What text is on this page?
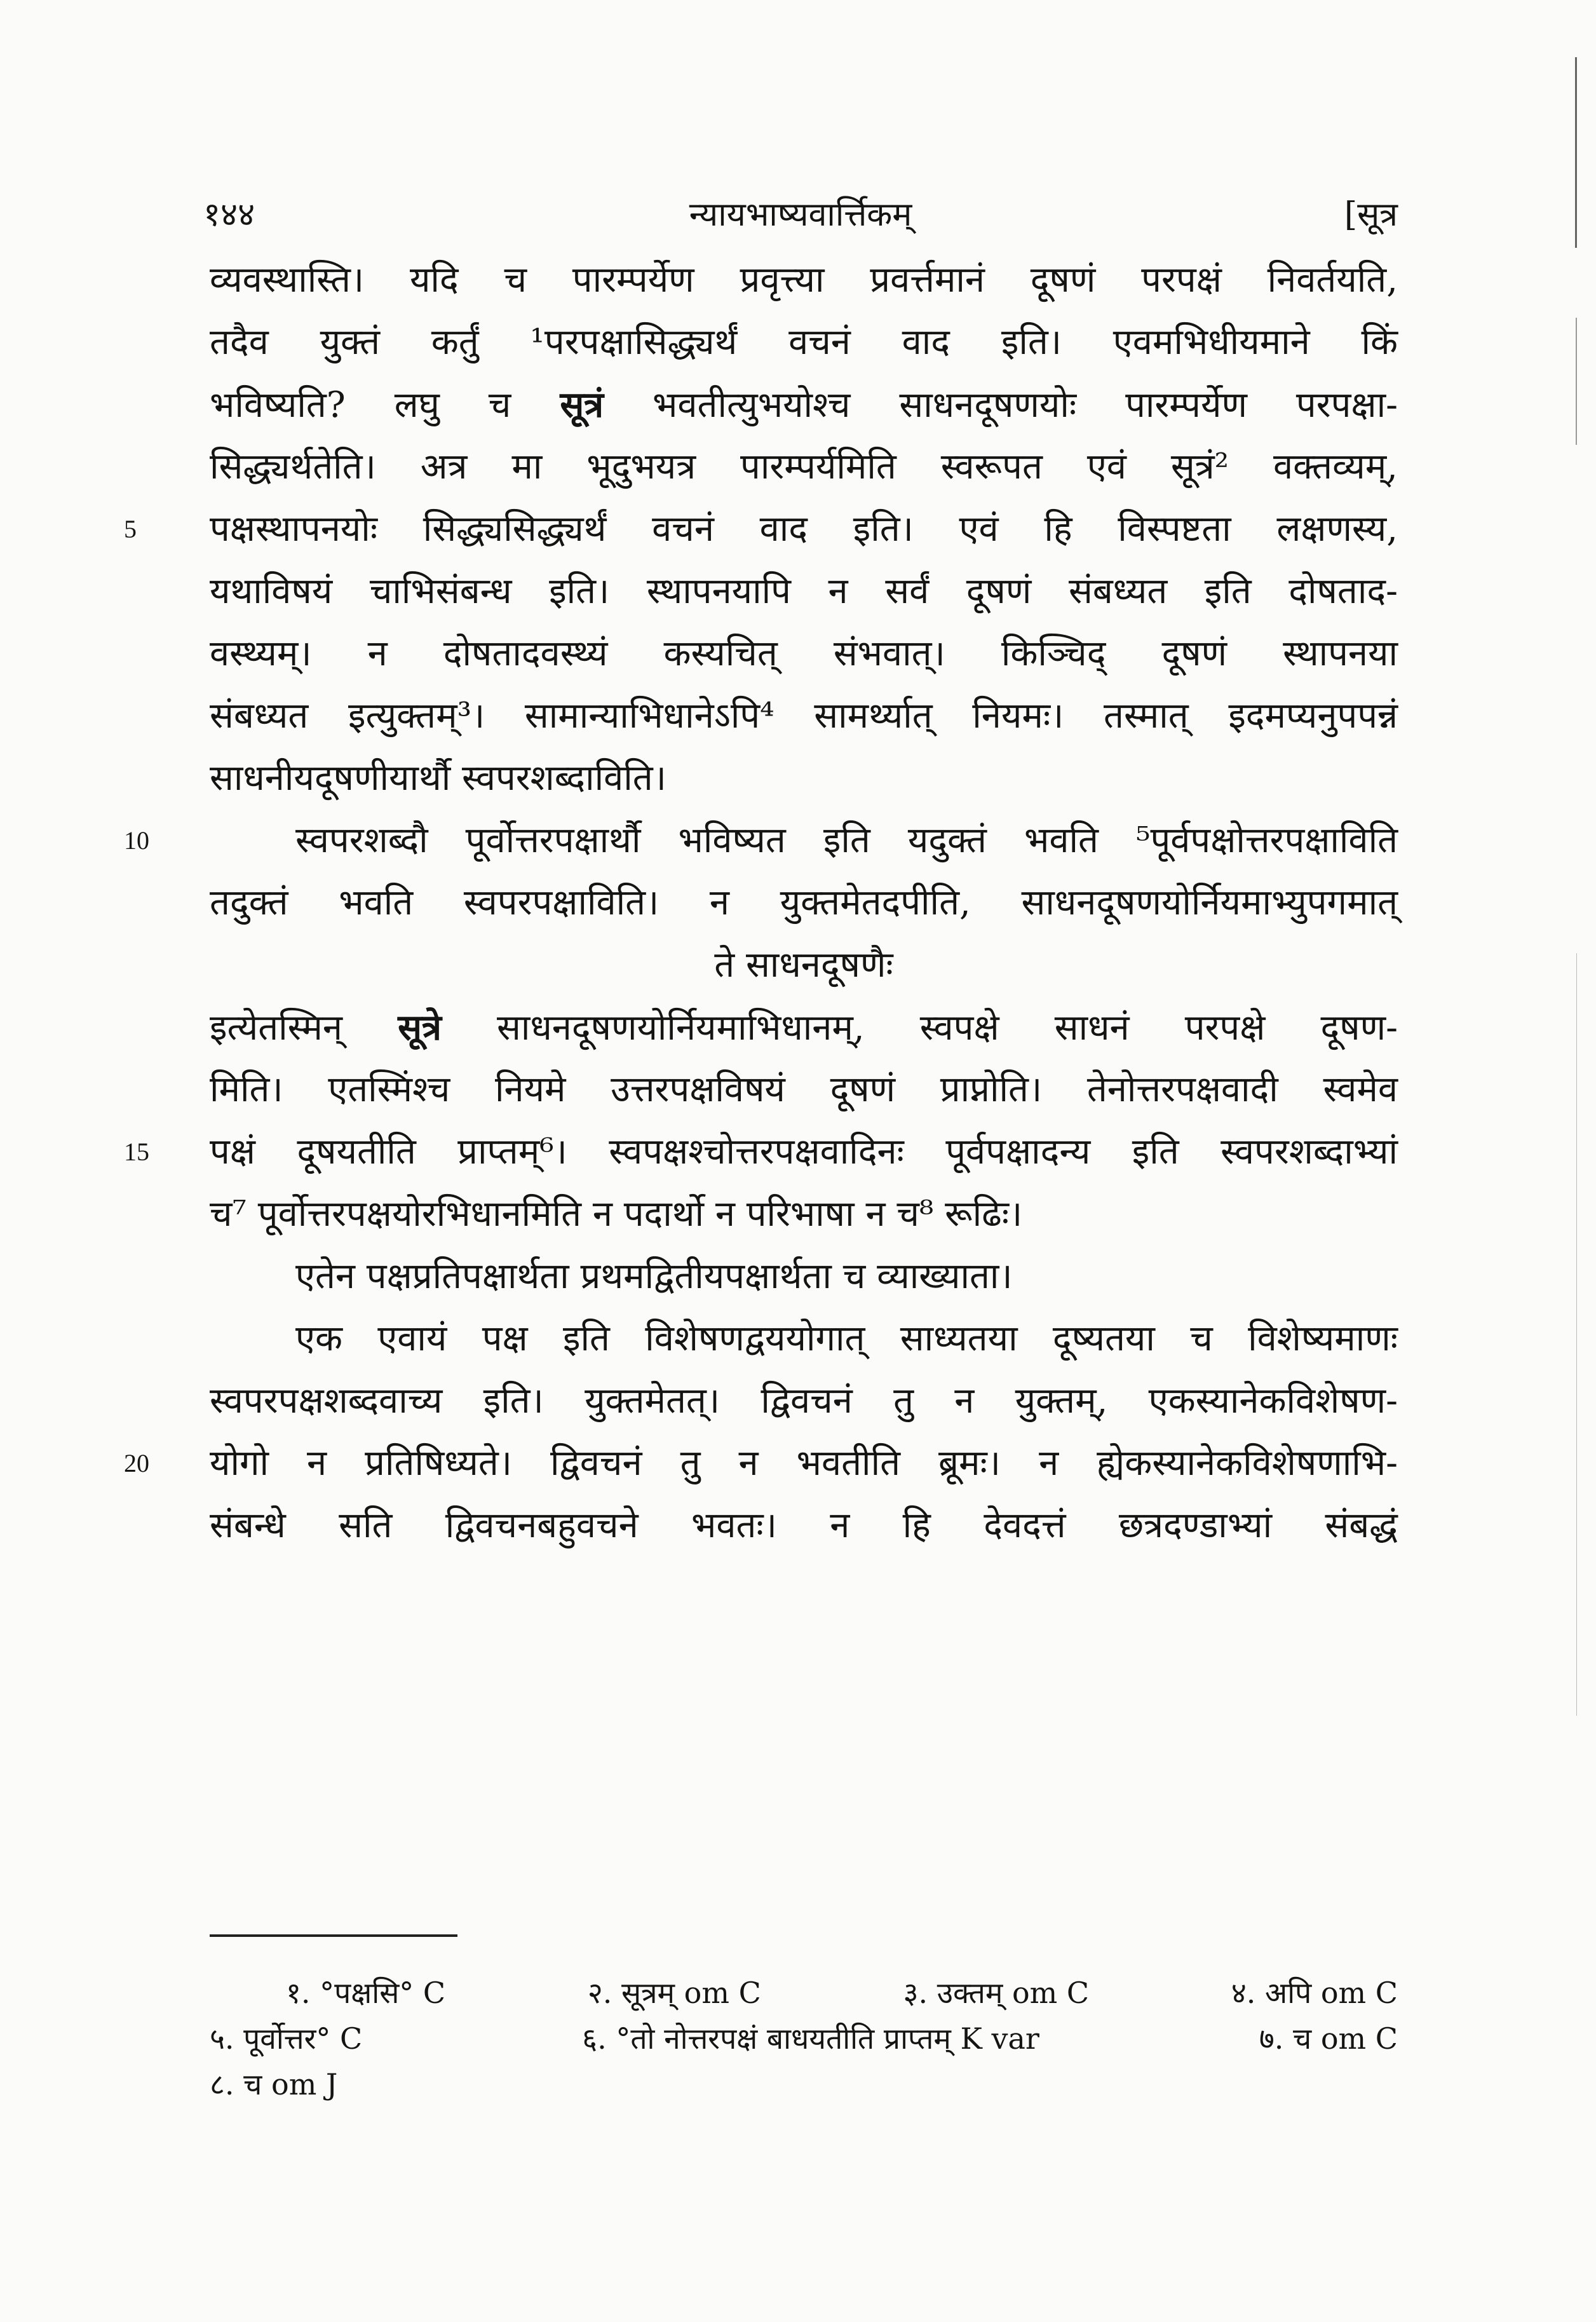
१४४	न्यायभाष्यवार्त्तिकम्	[सूत्र
व्यवस्थास्ति। यदि च पारम्पर्येण प्रवृत्त्या प्रवर्त्तमानं दूषणं परपक्षं निवर्तयति,
तदैव युक्तं कर्तुं ¹परपक्षासिद्ध्यर्थं वचनं वाद इति। एवमभिधीयमाने किं
भविष्यति? लघु च सूत्रं भवतीत्युभयोश्च साधनदूषणयोः पारम्पर्येण परपक्षा-
सिद्ध्यर्थतेति। अत्र मा भूदुभयत्र पारम्पर्यमिति स्वरूपत एवं सूत्रं² वक्तव्यम्,
5 पक्षस्थापनयोः सिद्ध्यसिद्ध्यर्थं वचनं वाद इति। एवं हि विस्पष्टता लक्षणस्य,
यथाविषयं चाभिसंबन्ध इति। स्थापनयापि न सर्वं दूषणं संबध्यत इति दोषताद-
वस्थ्यम्। न दोषतादवस्थ्यं कस्यचित् संभवात्। किञ्चिद् दूषणं स्थापनया
संबध्यत इत्युक्तम्³। सामान्याभिधानेऽपि⁴ सामर्थ्यात् नियमः। तस्मात् इदमप्यनुपपन्नं
साधनीयदूषणीयार्थौ स्वपरशब्दाविति।
10	स्वपरशब्दौ पूर्वोत्तरपक्षार्थौ भविष्यत इति यदुक्तं भवति ⁵पूर्वपक्षोत्तरपक्षाविति
तदुक्तं भवति स्वपरपक्षाविति। न युक्तमेतदपीति, साधनदूषणयोर्नियमाभ्युपगमात्
ते साधनदूषणैः
इत्येतस्मिन् सूत्रे साधनदूषणयोर्नियमाभिधानम्, स्वपक्षे साधनं परपक्षे दूषण-
मिति। एतस्मिंश्च नियमे उत्तरपक्षविषयं दूषणं प्राप्नोति। तेनोत्तरपक्षवादी स्वमेव
15 पक्षं दूषयतीति प्राप्तम्⁶। स्वपक्षश्चोत्तरपक्षवादिनः पूर्वपक्षादन्य इति स्वपरशब्दाभ्यां
च⁷ पूर्वोत्तरपक्षयोरभिधानमिति न पदार्थो न परिभाषा न च⁸ रूढिः।
एतेन पक्षप्रतिपक्षार्थता प्रथमद्वितीयपक्षार्थता च व्याख्याता।
एक एवायं पक्ष इति विशेषणद्वययोगात् साध्यतया दूष्यतया च विशेष्यमाणः
स्वपरपक्षशब्दवाच्य इति। युक्तमेतत्। द्विवचनं तु न युक्तम्, एकस्यानेकविशेषण-
20 योगो न प्रतिषिध्यते। द्विवचनं तु न भवतीति ब्रूमः। न ह्येकस्यानेकविशेषणाभि-
संबन्धे सति द्विवचनबहुवचने भवतः। न हि देवदत्तं छत्रदण्डाभ्यां संबद्धं
१. °पक्षसि° C	२. सूत्रम् om C	३. उक्तम् om C	४. अपि om C
५. पूर्वोत्तर° C	६. °तो नोत्तरपक्षं बाधयतीति प्राप्तम् K var	७. च om C
८. च om J
